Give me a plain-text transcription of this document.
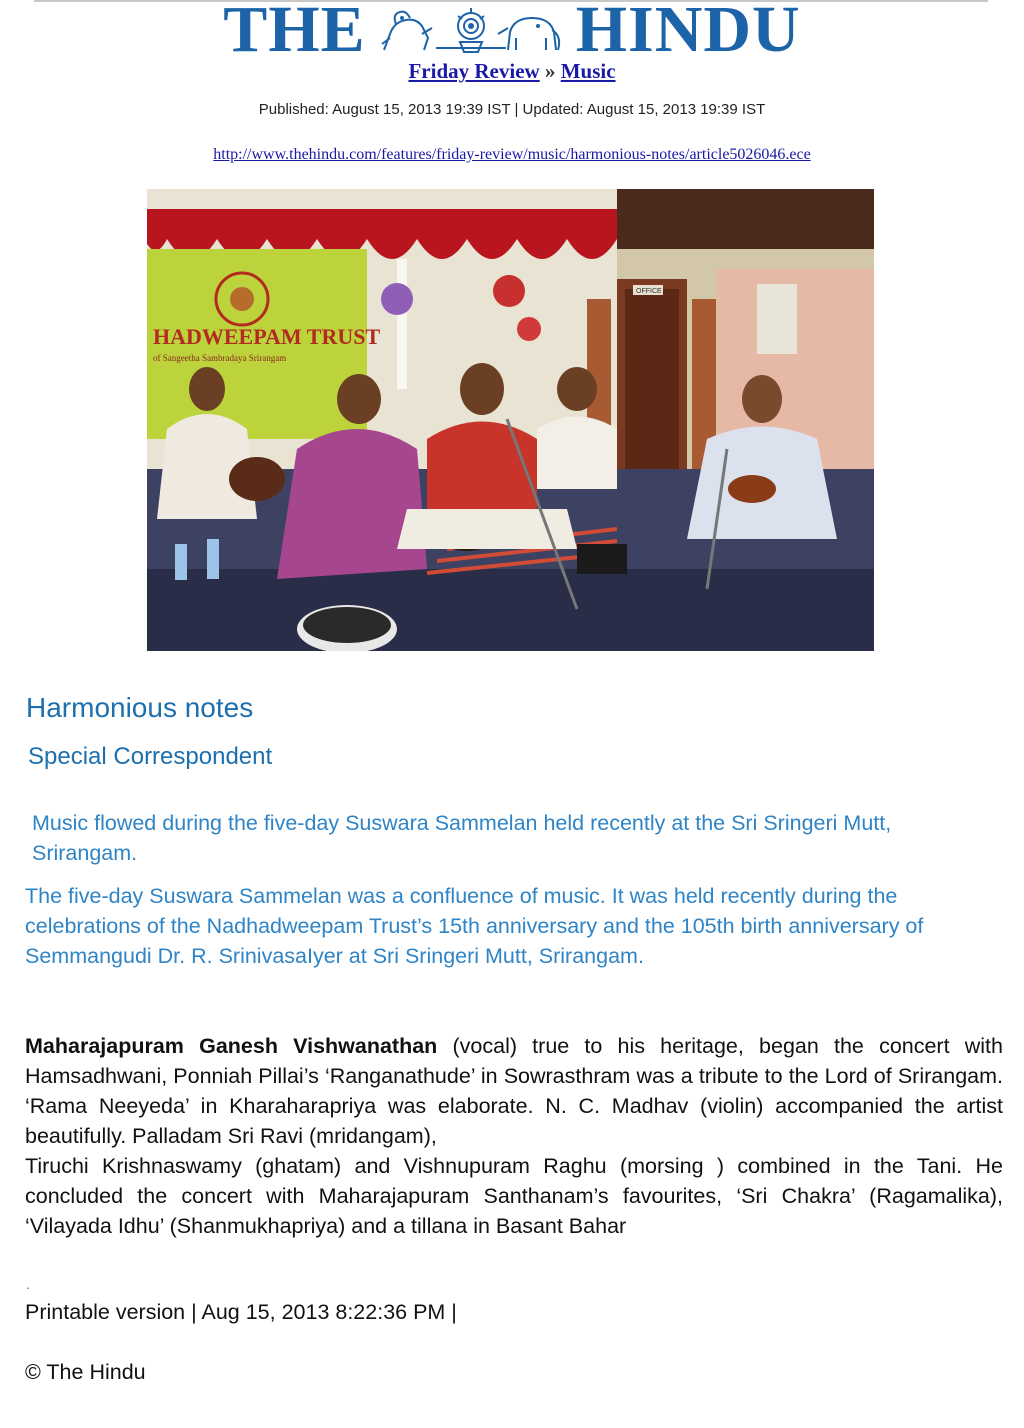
THE	HINDU
Friday Review » Music
Published: August 15, 2013 19:39 IST | Updated: August 15, 2013 19:39 IST
http://www.thehindu.com/features/friday-review/music/harmonious-notes/article5026046.ece
HADWEEPAM TRUST
of Sangeetha Sambradaya Srirangam
OFFICE
Harmonious notes
Special Correspondent
Music flowed during the five-day Suswara Sammelan held recently at the Sri Sringeri Mutt, Srirangam.
The five-day Suswara Sammelan was a confluence of music. It was held recently during the celebrations of the Nadhadweepam Trust’s 15th anniversary and the 105th birth anniversary of Semmangudi Dr. R. SrinivasaIyer at Sri Sringeri Mutt, Srirangam.
Maharajapuram Ganesh Vishwanathan (vocal) true to his heritage, began the concert with Hamsadhwani, Ponniah Pillai’s ‘Ranganathude’ in Sowrasthram was a tribute to the Lord of Srirangam. ‘Rama Neeyeda’ in Kharaharapriya was elaborate. N. C. Madhav (violin) accompanied the artist beautifully. Palladam Sri Ravi (mridangam),
Tiruchi Krishnaswamy (ghatam) and Vishnupuram Raghu (morsing ) combined in the Tani. He concluded the concert with Maharajapuram Santhanam’s favourites, ‘Sri Chakra’ (Ragamalika), ‘Vilayada Idhu’ (Shanmukhapriya) and a tillana in Basant Bahar
.
Printable version | Aug 15, 2013 8:22:36 PM |
© The Hindu
